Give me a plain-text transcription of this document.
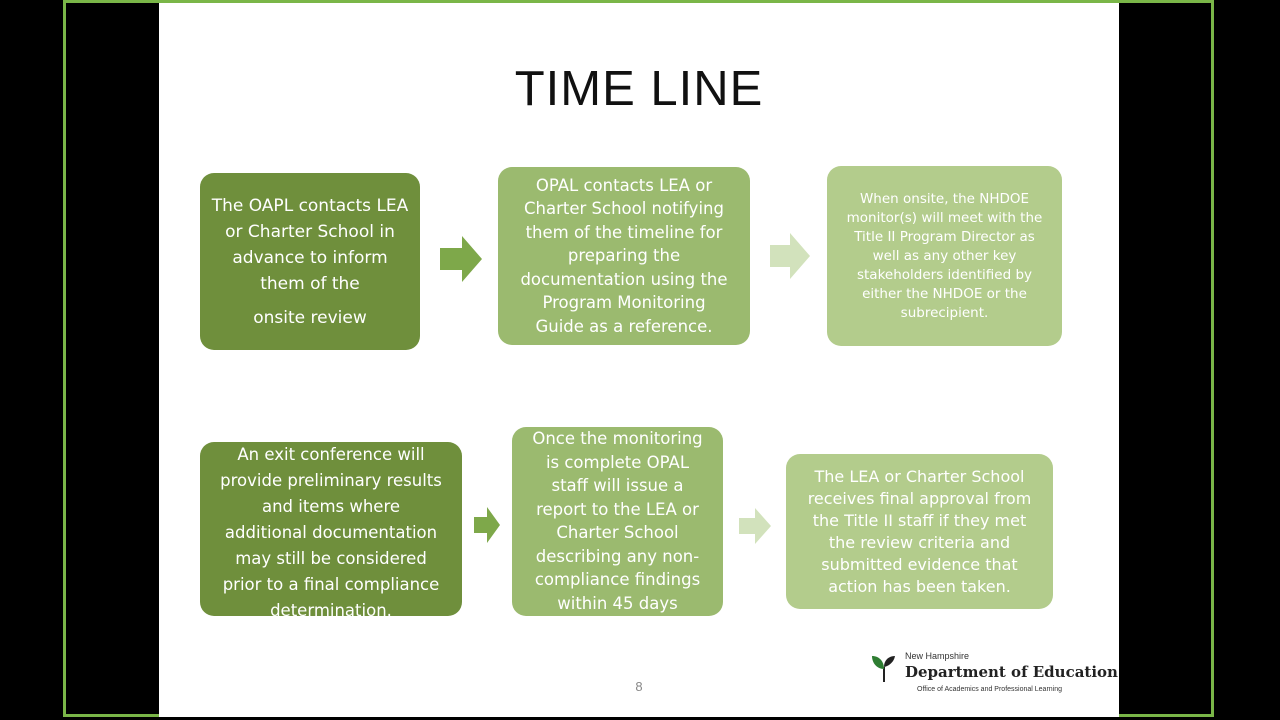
TIME LINE
The OAPL contacts LEA
or Charter School in
advance to inform
them of the
onsite review
OPAL contacts LEA or
Charter School notifying
them of the timeline for
preparing the
documentation using the
Program Monitoring
Guide as a reference.
When onsite, the NHDOE
monitor(s) will meet with the
Title II Program Director as
well as any other key
stakeholders identified by
either the NHDOE or the
subrecipient.
An exit conference will
provide preliminary results
and items where
additional documentation
may still be considered
prior to a final compliance
determination.
Once the monitoring
is complete OPAL
staff will issue a
report to the LEA or
Charter School
describing any non-
compliance findings
within 45 days
The LEA or Charter School
receives final approval from
the Title II staff if they met
the review criteria and
submitted evidence that
action has been taken.
8
New Hampshire
Department of Education
Office of Academics and Professional Learning
